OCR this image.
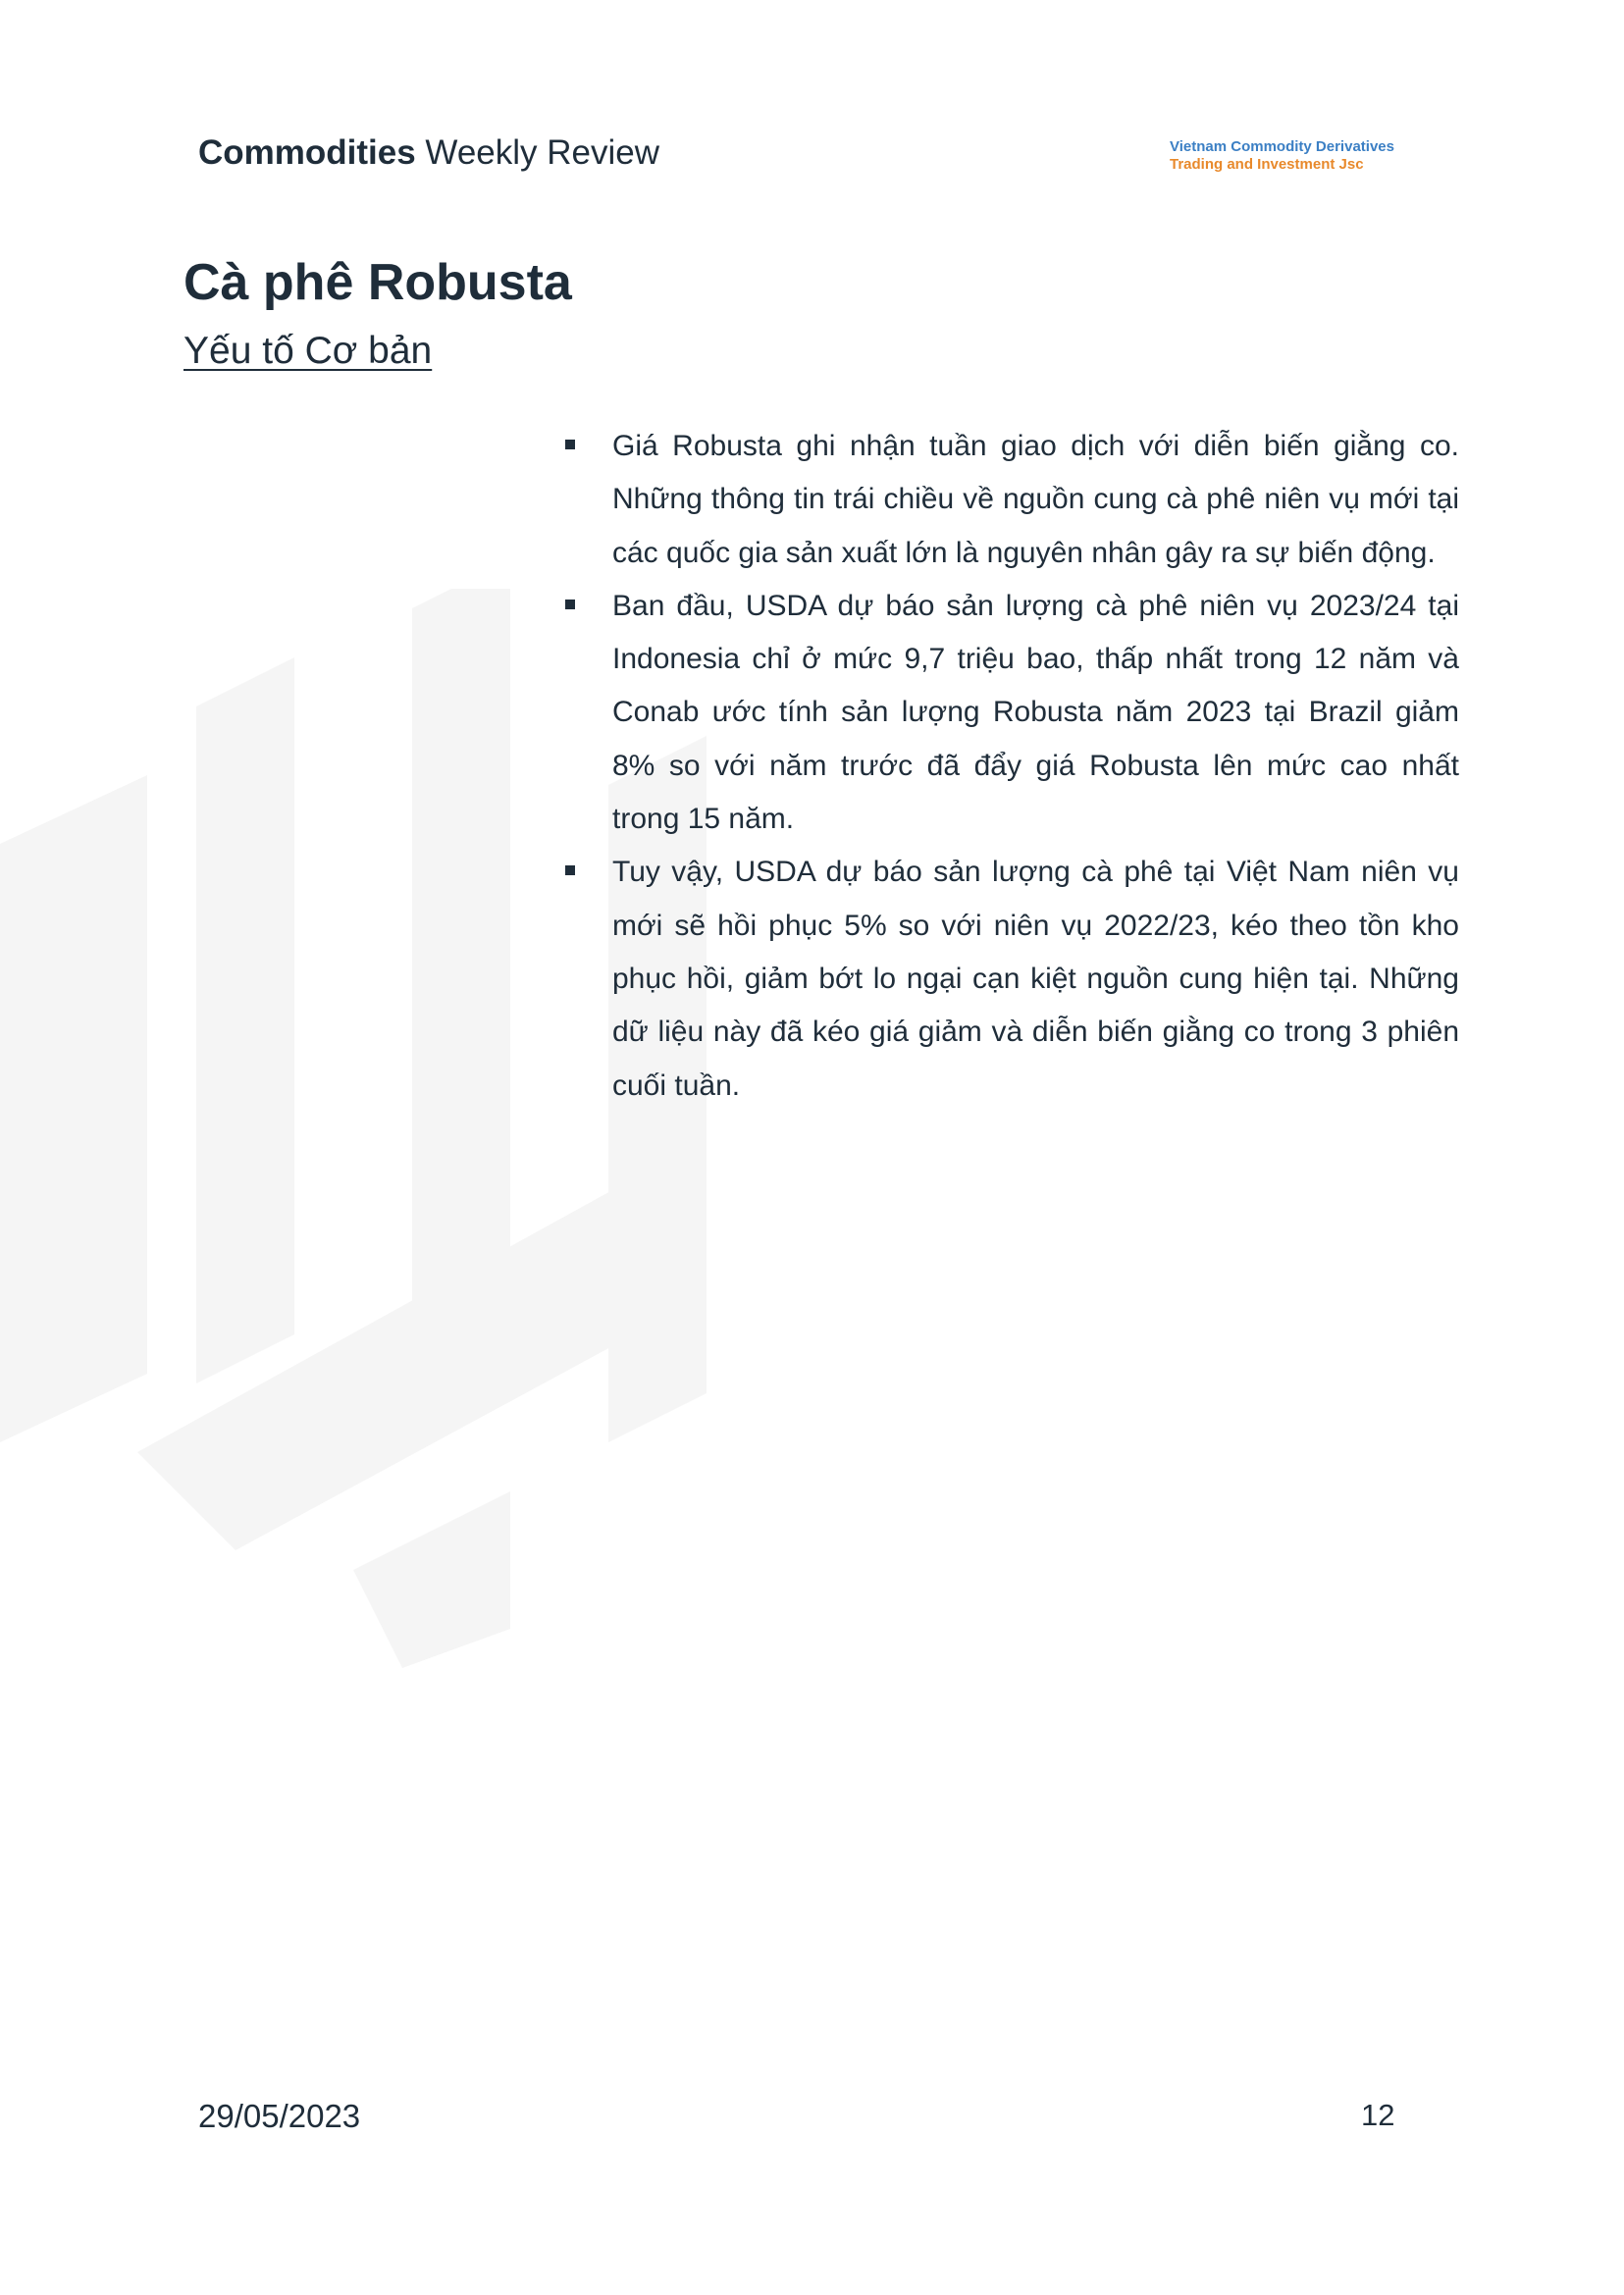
Commodities Weekly Review	Vietnam Commodity Derivatives
Trading and Investment Jsc
Cà phê Robusta
Yếu tố Cơ bản
Giá Robusta ghi nhận tuần giao dịch với diễn biến giằng co. Những thông tin trái chiều về nguồn cung cà phê niên vụ mới tại các quốc gia sản xuất lớn là nguyên nhân gây ra sự biến động.
Ban đầu, USDA dự báo sản lượng cà phê niên vụ 2023/24 tại Indonesia chỉ ở mức 9,7 triệu bao, thấp nhất trong 12 năm và Conab ước tính sản lượng Robusta năm 2023 tại Brazil giảm 8% so với năm trước đã đẩy giá Robusta lên mức cao nhất trong 15 năm.
Tuy vậy, USDA dự báo sản lượng cà phê tại Việt Nam niên vụ mới sẽ hồi phục 5% so với niên vụ 2022/23, kéo theo tồn kho phục hồi, giảm bớt lo ngại cạn kiệt nguồn cung hiện tại. Những dữ liệu này đã kéo giá giảm và diễn biến giằng co trong 3 phiên cuối tuần.
29/05/2023	12
